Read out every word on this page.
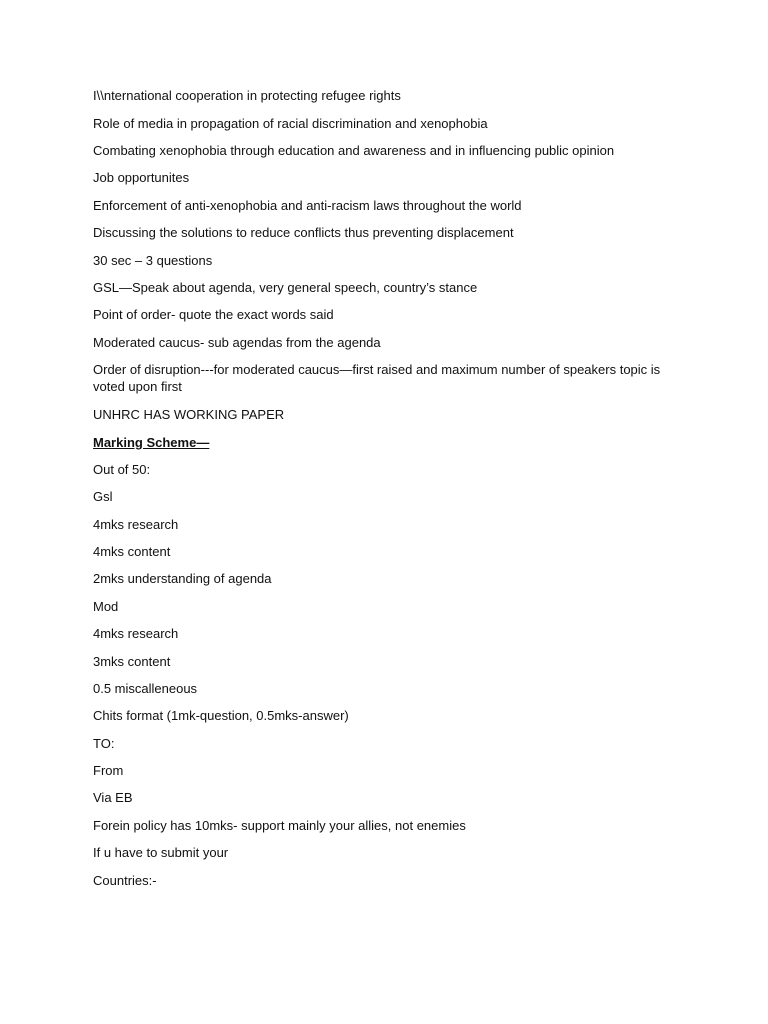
I\\nternational cooperation in protecting refugee rights
Role of media in propagation of racial discrimination and xenophobia
Combating xenophobia through education and awareness and in influencing public opinion
Job opportunites
Enforcement of anti-xenophobia and anti-racism laws throughout the world
Discussing the solutions to reduce conflicts thus preventing displacement
30 sec – 3 questions
GSL—Speak about agenda, very general speech, country’s stance
Point of order- quote the exact words said
Moderated caucus- sub agendas from the agenda
Order of disruption---for moderated caucus—first raised and maximum number of speakers topic is voted upon first
UNHRC HAS WORKING PAPER
Marking Scheme—
Out of 50:
Gsl
4mks research
4mks content
2mks understanding of agenda
Mod
4mks research
3mks content
0.5 miscalleneous
Chits format (1mk-question, 0.5mks-answer)
TO:
From
Via EB
Forein policy has 10mks- support mainly your allies, not enemies
If u have to submit your
Countries:-
